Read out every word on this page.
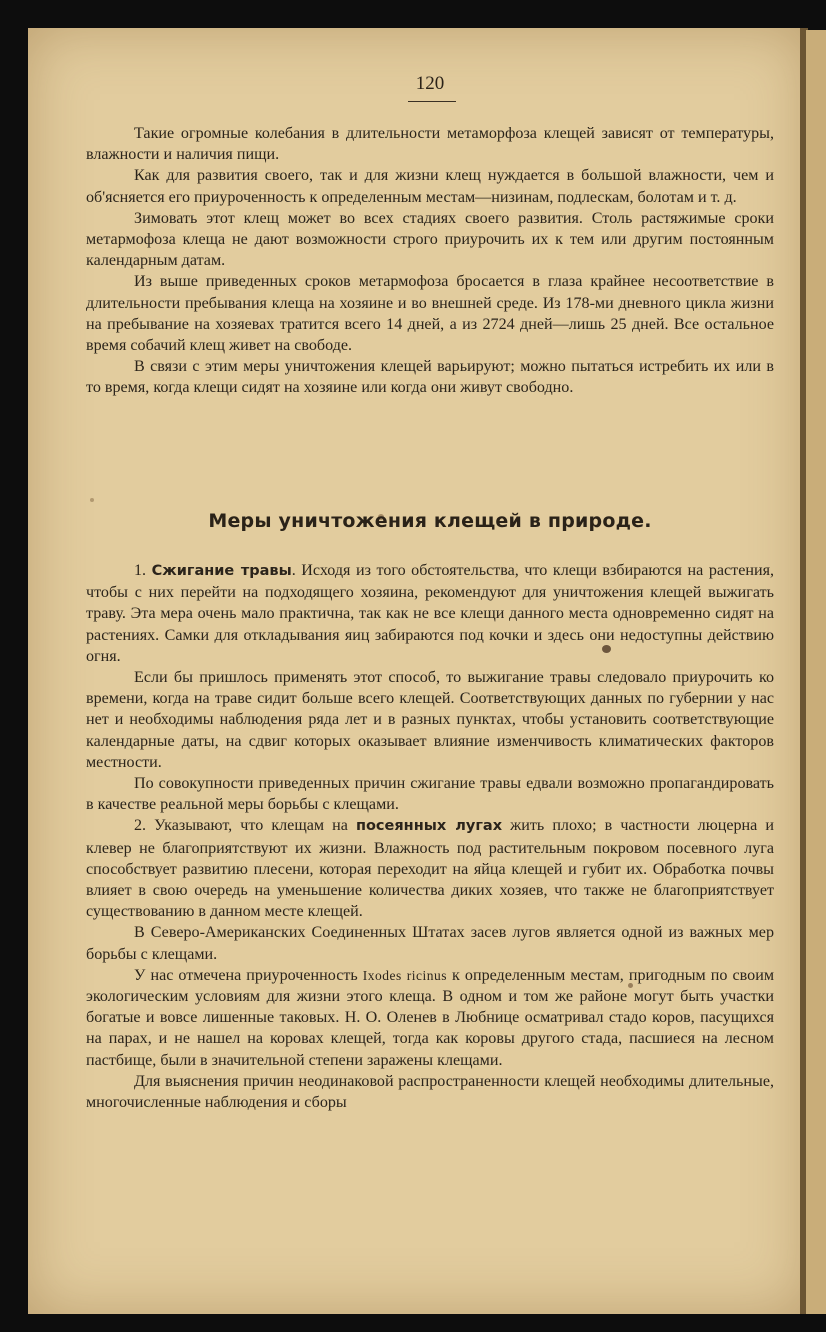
120

Такие огромные колебания в длительности метаморфоза клещей зависят от температуры, влажности и наличия пищи.

Как для развития своего, так и для жизни клещ нуждается в большой влажности, чем и об'ясняется его приуроченность к определенным местам—низинам, подлескам, болотам и т. д.

Зимовать этот клещ может во всех стадиях своего развития. Столь растяжимые сроки метармофоза клеща не дают возможности строго приурочить их к тем или другим постоянным календарным датам.

Из выше приведенных сроков метармофоза бросается в глаза крайнее несоответствие в длительности пребывания клеща на хозяине и во внешней среде. Из 178-ми дневного цикла жизни на пребывание на хозяевах тратится всего 14 дней, а из 2724 дней—лишь 25 дней. Все остальное время собачий клещ живет на свободе.

В связи с этим меры уничтожения клещей варьируют; можно пытаться истребить их или в то время, когда клещи сидят на хозяине или когда они живут свободно.

Меры уничтожения клещей в природе.

1. Сжигание травы. Исходя из того обстоятельства, что клещи взбираются на растения, чтобы с них перейти на подходящего хозяина, рекомендуют для уничтожения клещей выжигать траву. Эта мера очень мало практична, так как не все клещи данного места одновременно сидят на растениях. Самки для откладывания яиц забираются под кочки и здесь они недоступны действию огня.

Если бы пришлось применять этот способ, то выжигание травы следовало приурочить ко времени, когда на траве сидит больше всего клещей. Соответствующих данных по губернии у нас нет и необходимы наблюдения ряда лет и в разных пунктах, чтобы установить соответствующие календарные даты, на сдвиг которых оказывает влияние изменчивость климатических факторов местности.

По совокупности приведенных причин сжигание травы едвали возможно пропагандировать в качестве реальной меры борьбы с клещами.

2. Указывают, что клещам на посеянных лугах жить плохо; в частности люцерна и клевер не благоприятствуют их жизни. Влажность под растительным покровом посевного луга способствует развитию плесени, которая переходит на яйца клещей и губит их. Обработка почвы влияет в свою очередь на уменьшение количества диких хозяев, что также не благоприятствует существованию в данном месте клещей.

В Северо-Американских Соединенных Штатах засев лугов является одной из важных мер борьбы с клещами.

У нас отмечена приуроченность Ixodes ricinus к определенным местам, пригодным по своим экологическим условиям для жизни этого клеща. В одном и том же районе могут быть участки богатые и вовсе лишенные таковых. Н. О. Оленев в Любнице осматривал стадо коров, пасущихся на парах, и не нашел на коровах клещей, тогда как коровы другого стада, пасшиеся на лесном пастбище, были в значительной степени заражены клещами.

Для выяснения причин неодинаковой распространенности клещей необходимы длительные, многочисленные наблюдения и сборы
